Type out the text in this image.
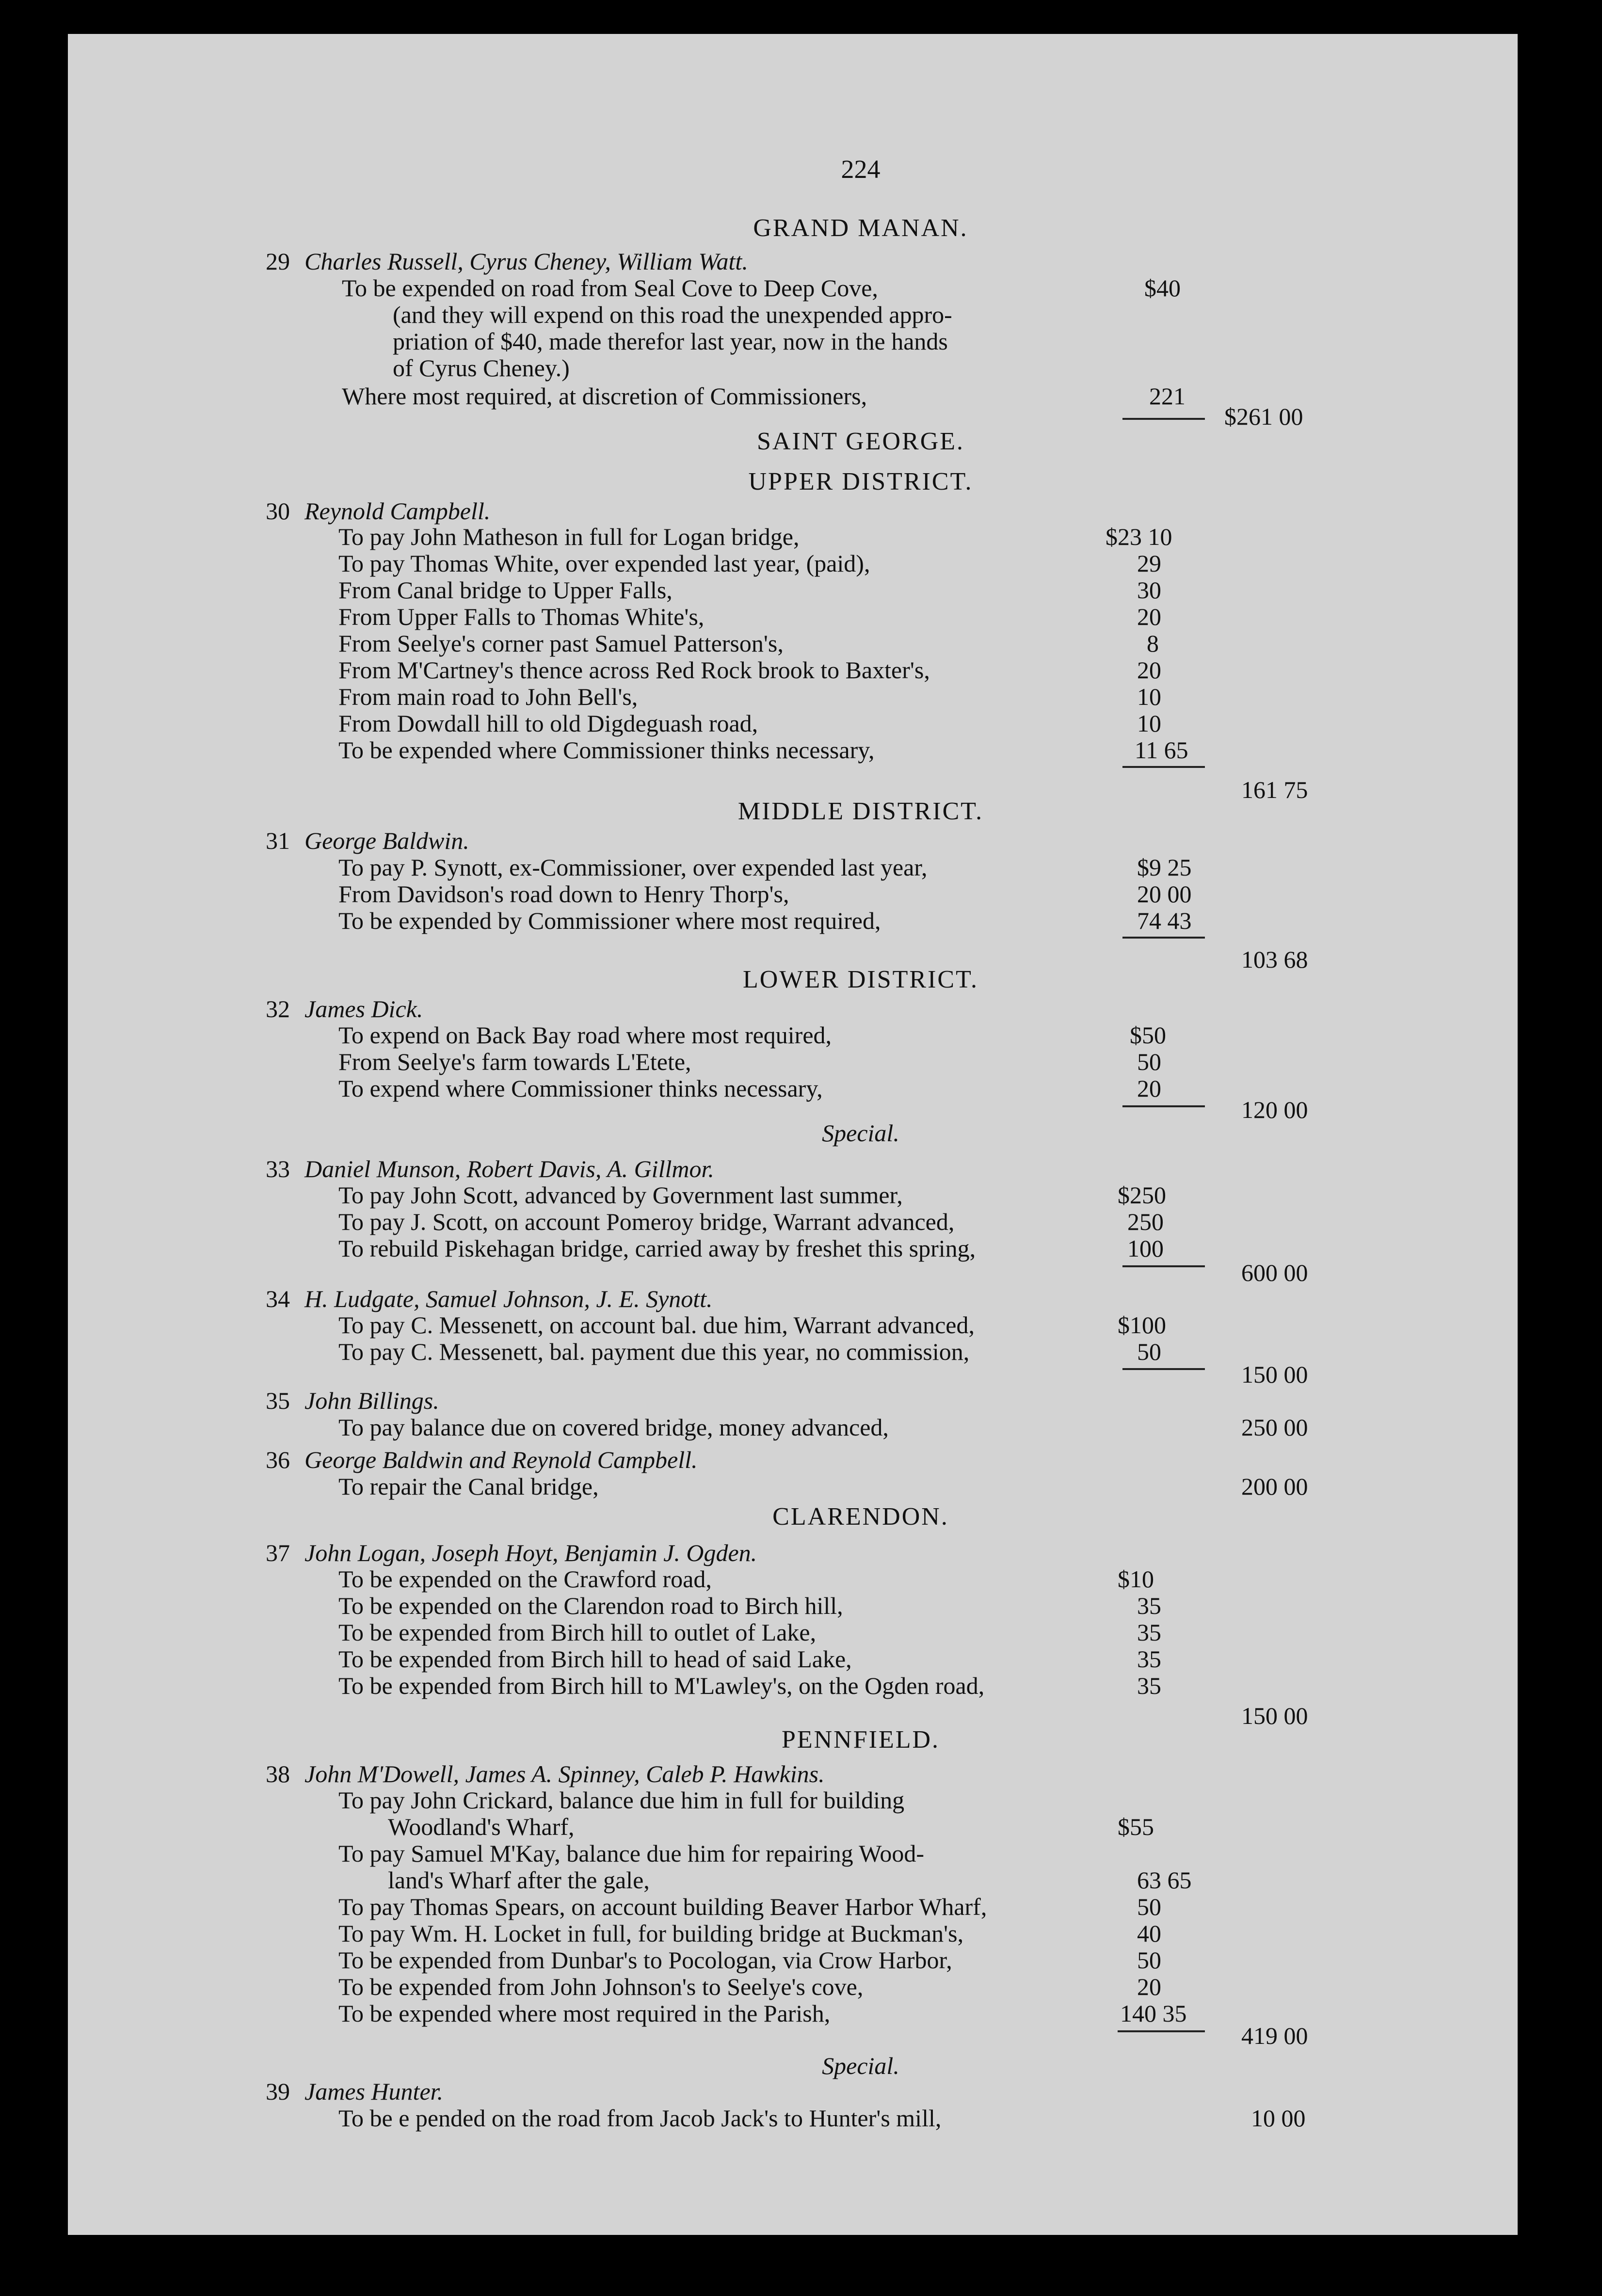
224
GRAND MANAN.
29 Charles Russell, Cyrus Cheney, William Watt.
To be expended on road from Seal Cove to Deep Cove,	$40
(and they will expend on this road the unexpended appro-
priation of $40, made therefor last year, now in the hands
of Cyrus Cheney.)
Where most required, at discretion of Commissioners,	221
$261 00
SAINT GEORGE.
UPPER DISTRICT.
30 Reynold Campbell.
To pay John Matheson in full for Logan bridge,	$23 10
To pay Thomas White, over expended last year, (paid),	29
From Canal bridge to Upper Falls,	30
From Upper Falls to Thomas White's,	20
From Seelye's corner past Samuel Patterson's,	8
From M'Cartney's thence across Red Rock brook to Baxter's,	20
From main road to John Bell's,	10
From Dowdall hill to old Digdeguash road,	10
To be expended where Commissioner thinks necessary,	11 65
161 75
MIDDLE DISTRICT.
31 George Baldwin.
To pay P. Synott, ex-Commissioner, over expended last year,	$9 25
From Davidson's road down to Henry Thorp's,	20 00
To be expended by Commissioner where most required,	74 43
103 68
LOWER DISTRICT.
32 James Dick.
To expend on Back Bay road where most required,	$50
From Seelye's farm towards L'Etete,	50
To expend where Commissioner thinks necessary,	20
120 00
Special.
33 Daniel Munson, Robert Davis, A. Gillmor.
To pay John Scott, advanced by Government last summer,	$250
To pay J. Scott, on account Pomeroy bridge, Warrant advanced,	250
To rebuild Piskehagan bridge, carried away by freshet this spring,	100
600 00
34 H. Ludgate, Samuel Johnson, J. E. Synott.
To pay C. Messenett, on account bal. due him, Warrant advanced,	$100
To pay C. Messenett, bal. payment due this year, no commission,	50
150 00
35 John Billings.
To pay balance due on covered bridge, money advanced,	250 00
36 George Baldwin and Reynold Campbell.
To repair the Canal bridge,	200 00
CLARENDON.
37 John Logan, Joseph Hoyt, Benjamin J. Ogden.
To be expended on the Crawford road,	$10
To be expended on the Clarendon road to Birch hill,	35
To be expended from Birch hill to outlet of Lake,	35
To be expended from Birch hill to head of said Lake,	35
To be expended from Birch hill to M'Lawley's, on the Ogden road,	35
150 00
PENNFIELD.
38 John M'Dowell, James A. Spinney, Caleb P. Hawkins.
To pay John Crickard, balance due him in full for building
Woodland's Wharf,	$55
To pay Samuel M'Kay, balance due him for repairing Wood-
land's Wharf after the gale,	63 65
To pay Thomas Spears, on account building Beaver Harbor Wharf,	50
To pay Wm. H. Locket in full, for building bridge at Buckman's,	40
To be expended from Dunbar's to Pocologan, via Crow Harbor,	50
To be expended from John Johnson's to Seelye's cove,	20
To be expended where most required in the Parish,	140 35
419 00
Special.
39 James Hunter.
To be e pended on the road from Jacob Jack's to Hunter's mill,	10 00
